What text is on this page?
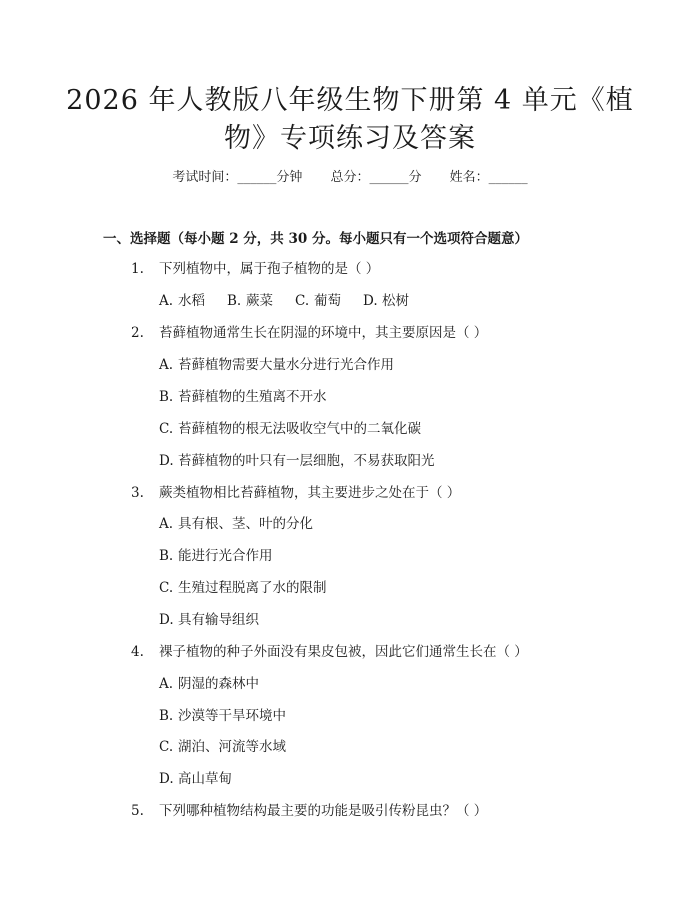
2026 年人教版八年级生物下册第 4 单元《植
物》专项练习及答案
考试时间：______分钟 总分：______分 姓名：______
一、选择题（每小题 2 分，共 30 分。每小题只有一个选项符合题意）
1. 下列植物中，属于孢子植物的是（ ）
A. 水稻 B. 蕨菜 C. 葡萄 D. 松树
2. 苔藓植物通常生长在阴湿的环境中，其主要原因是（ ）
A. 苔藓植物需要大量水分进行光合作用
B. 苔藓植物的生殖离不开水
C. 苔藓植物的根无法吸收空气中的二氧化碳
D. 苔藓植物的叶只有一层细胞，不易获取阳光
3. 蕨类植物相比苔藓植物，其主要进步之处在于（ ）
A. 具有根、茎、叶的分化
B. 能进行光合作用
C. 生殖过程脱离了水的限制
D. 具有输导组织
4. 裸子植物的种子外面没有果皮包被，因此它们通常生长在（ ）
A. 阴湿的森林中
B. 沙漠等干旱环境中
C. 湖泊、河流等水域
D. 高山草甸
5. 下列哪种植物结构最主要的功能是吸引传粉昆虫？（ ）
